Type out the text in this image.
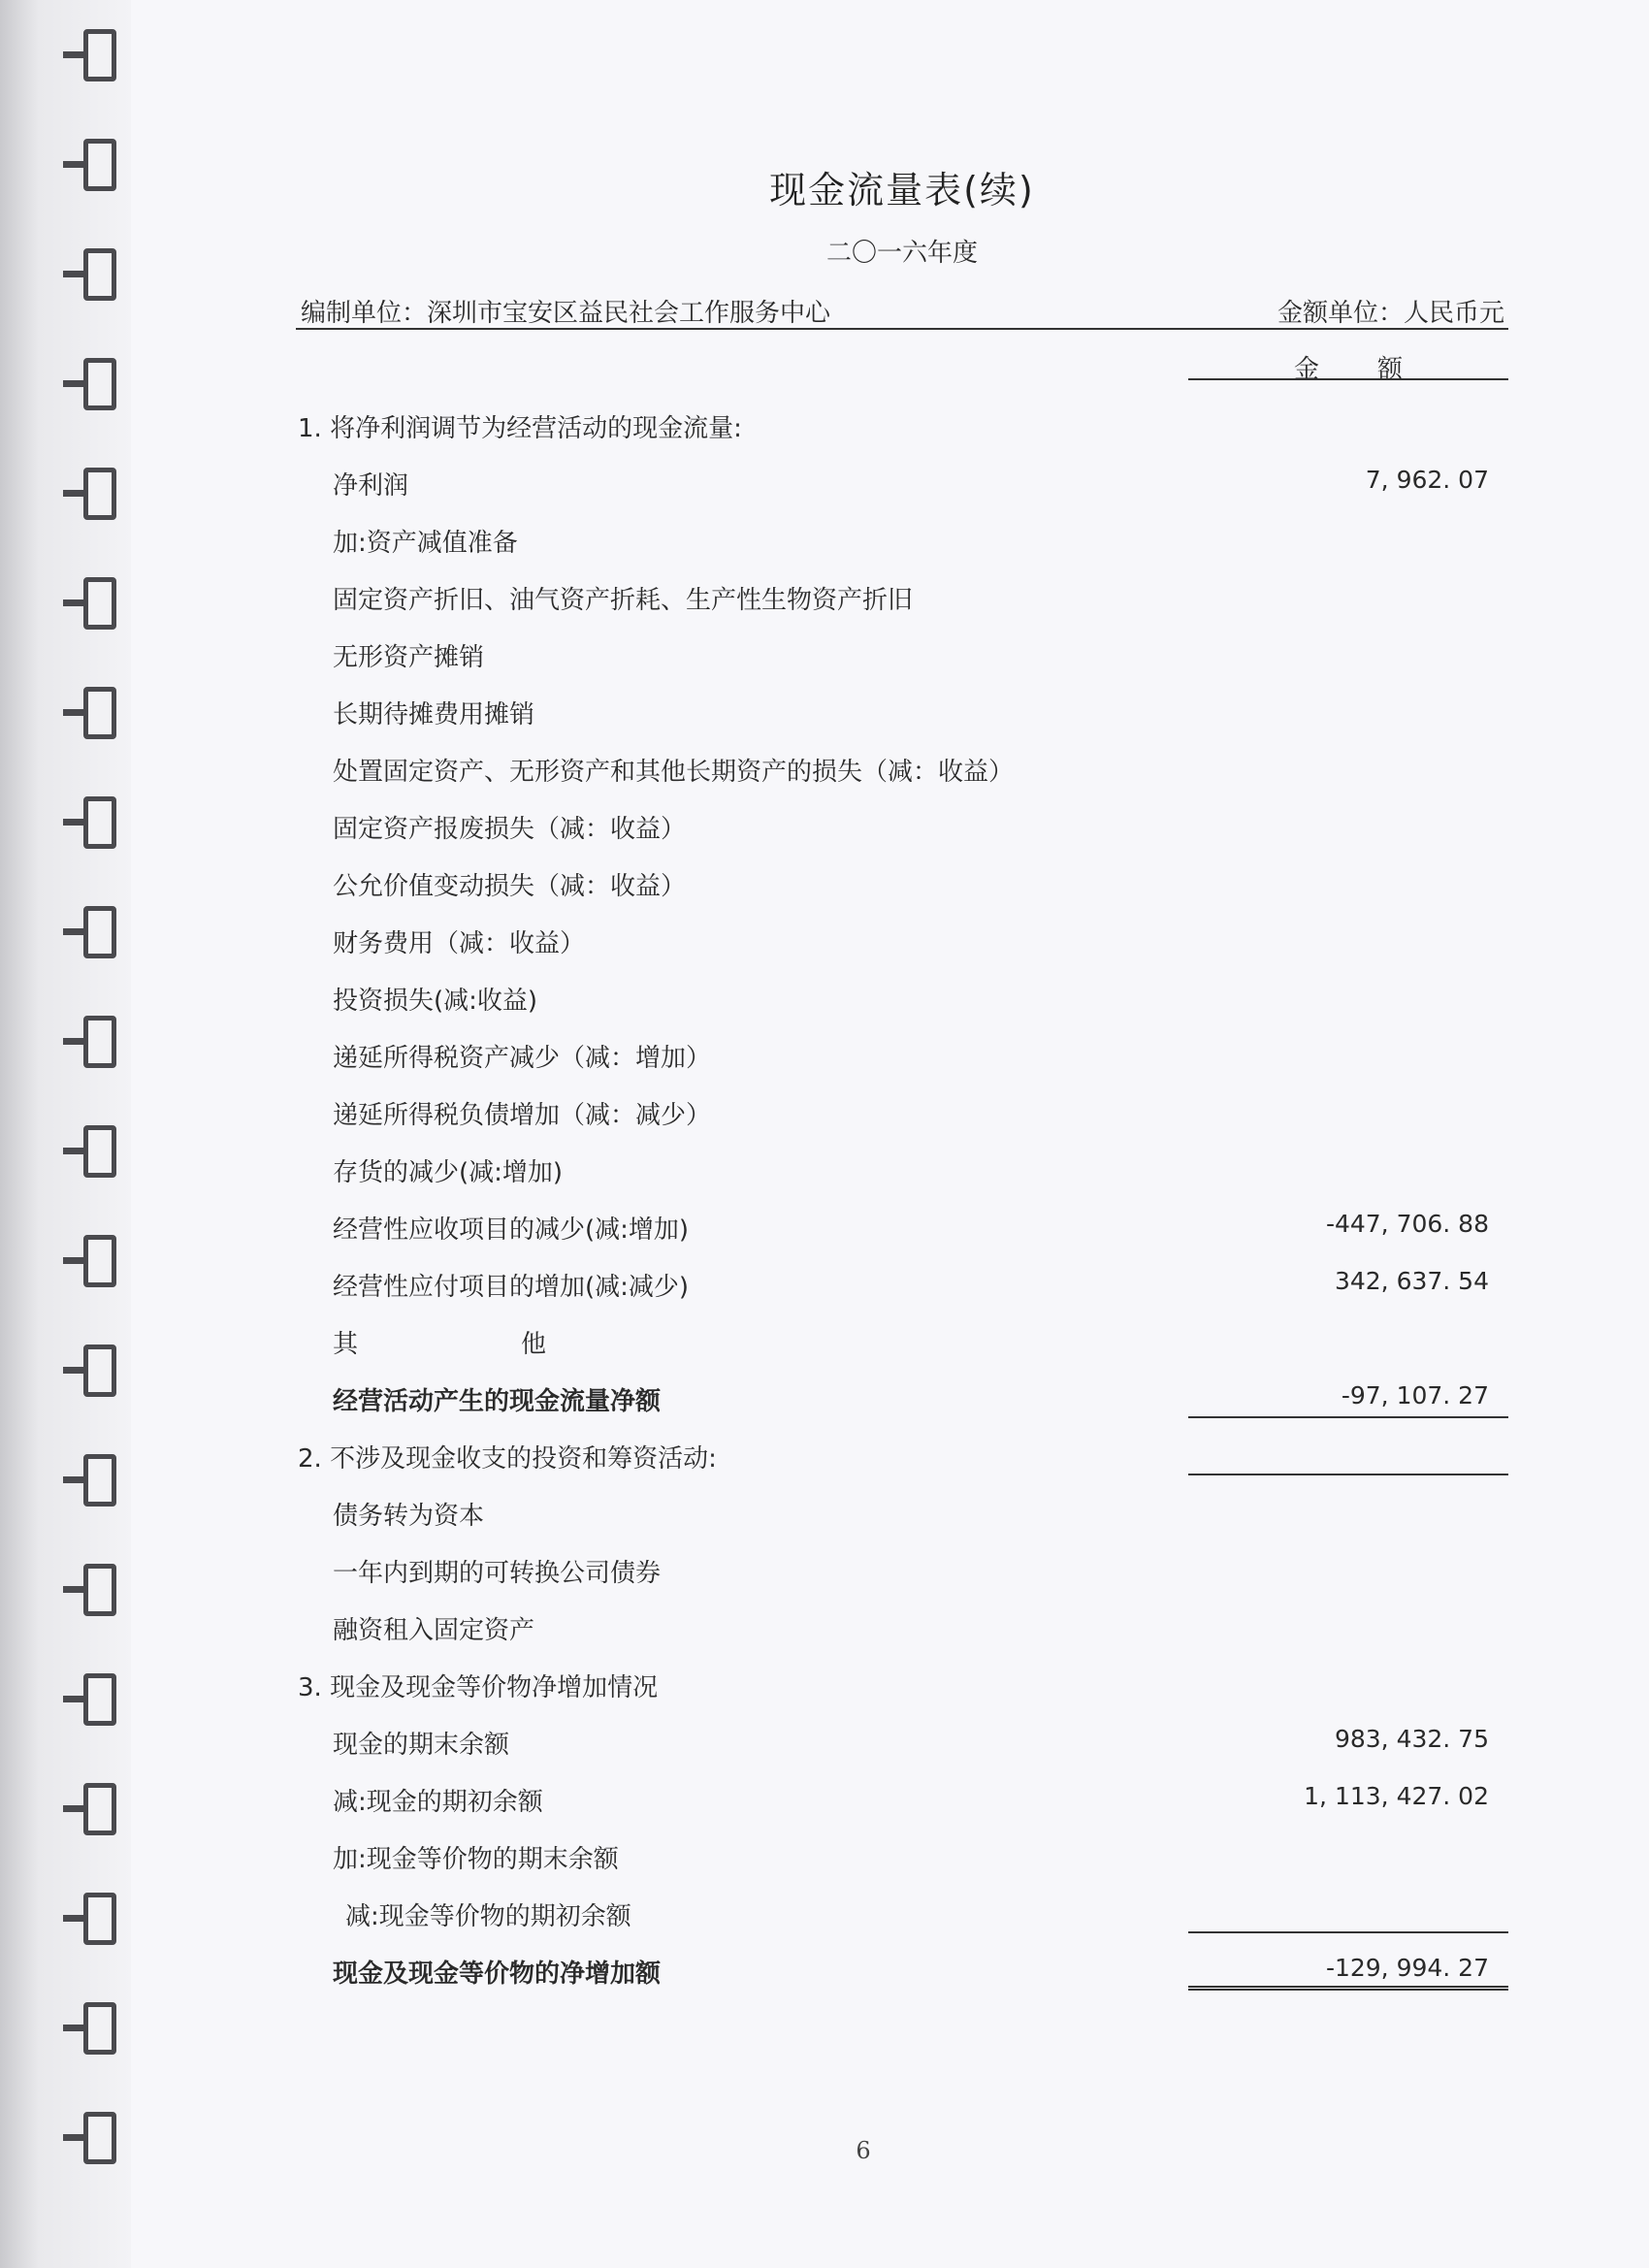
现金流量表(续)
二〇一六年度
编制单位：深圳市宝安区益民社会工作服务中心	金额单位：人民币元
金额
1. 将净利润调节为经营活动的现金流量:
净利润	7, 962. 07
加:资产减值准备
固定资产折旧、油气资产折耗、生产性生物资产折旧
无形资产摊销
长期待摊费用摊销
处置固定资产、无形资产和其他长期资产的损失（减：收益）
固定资产报废损失（减：收益）
公允价值变动损失（减：收益）
财务费用（减：收益）
投资损失(减:收益)
递延所得税资产减少（减：增加）
递延所得税负债增加（减：减少）
存货的减少(减:增加)
经营性应收项目的减少(减:增加)	-447, 706. 88
经营性应付项目的增加(减:减少)	342, 637. 54
其	他
经营活动产生的现金流量净额	-97, 107. 27
2. 不涉及现金收支的投资和筹资活动:
债务转为资本
一年内到期的可转换公司债券
融资租入固定资产
3. 现金及现金等价物净增加情况
现金的期末余额	983, 432. 75
减:现金的期初余额	1, 113, 427. 02
加:现金等价物的期末余额
减:现金等价物的期初余额
现金及现金等价物的净增加额	-129, 994. 27
6
